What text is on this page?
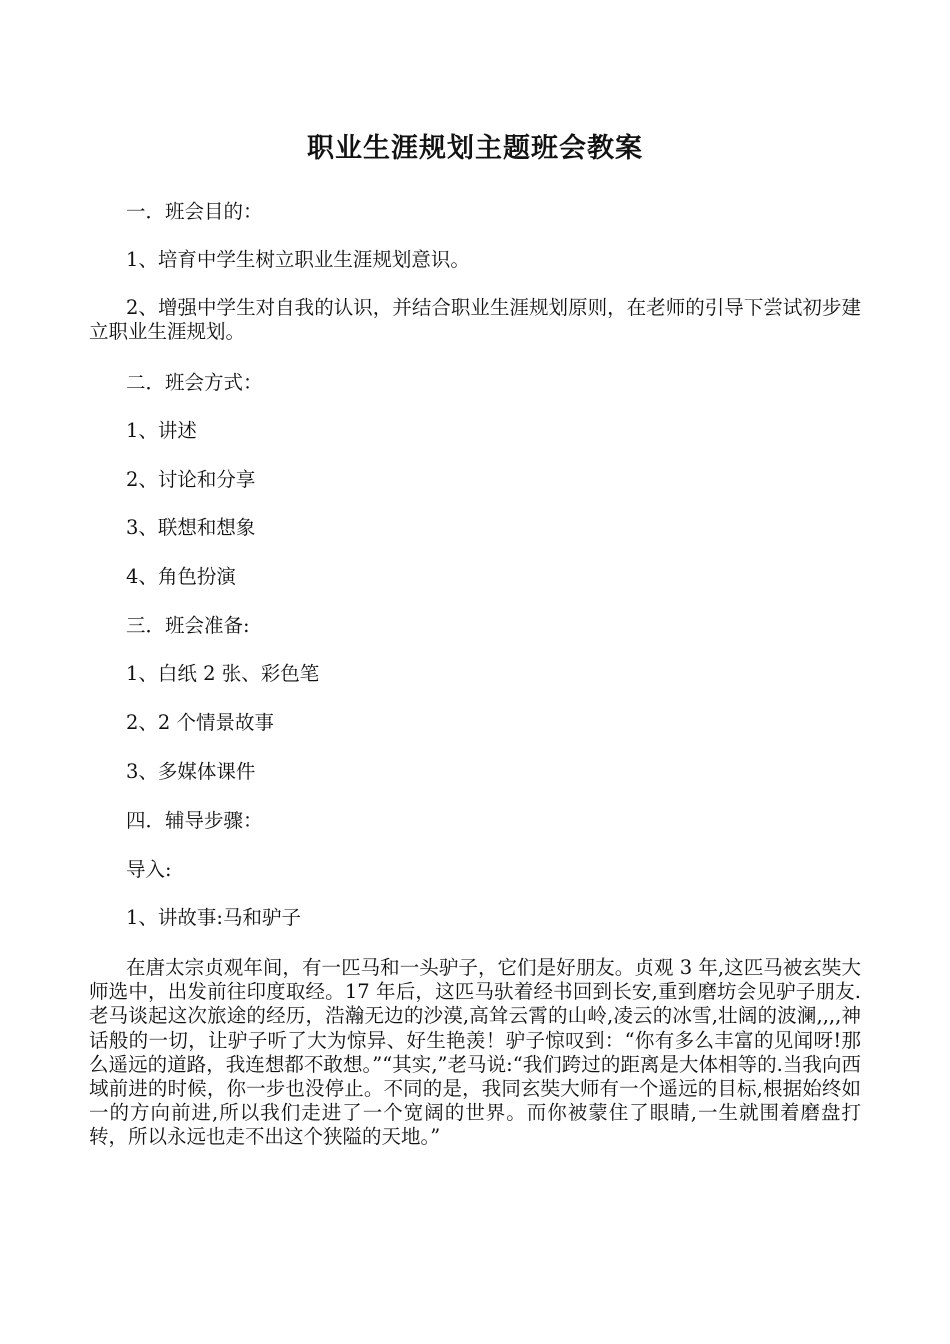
职业生涯规划主题班会教案
一．班会目的：
1、培育中学生树立职业生涯规划意识。
2、增强中学生对自我的认识，并结合职业生涯规划原则，在老师的引导下尝试初步建立职业生涯规划。
二．班会方式：
1、讲述
2、讨论和分享
3、联想和想象
4、角色扮演
三．班会准备:
1、白纸 2 张、彩色笔
2、2 个情景故事
3、多媒体课件
四．辅导步骤：
导入:
1、讲故事:马和驴子
在唐太宗贞观年间，有一匹马和一头驴子，它们是好朋友。贞观 3 年,这匹马被玄奘大师选中，出发前往印度取经。17 年后，这匹马驮着经书回到长安,重到磨坊会见驴子朋友.老马谈起这次旅途的经历，浩瀚无边的沙漠,高耸云霄的山岭,凌云的冰雪,壮阔的波澜,,,,神话般的一切，让驴子听了大为惊异、好生艳羡！驴子惊叹到：“你有多么丰富的见闻呀!那么遥远的道路，我连想都不敢想。”“其实,”老马说:“我们跨过的距离是大体相等的.当我向西域前进的时候，你一步也没停止。不同的是，我同玄奘大师有一个遥远的目标,根据始终如一的方向前进,所以我们走进了一个宽阔的世界。而你被蒙住了眼睛,一生就围着磨盘打转，所以永远也走不出这个狭隘的天地。”
